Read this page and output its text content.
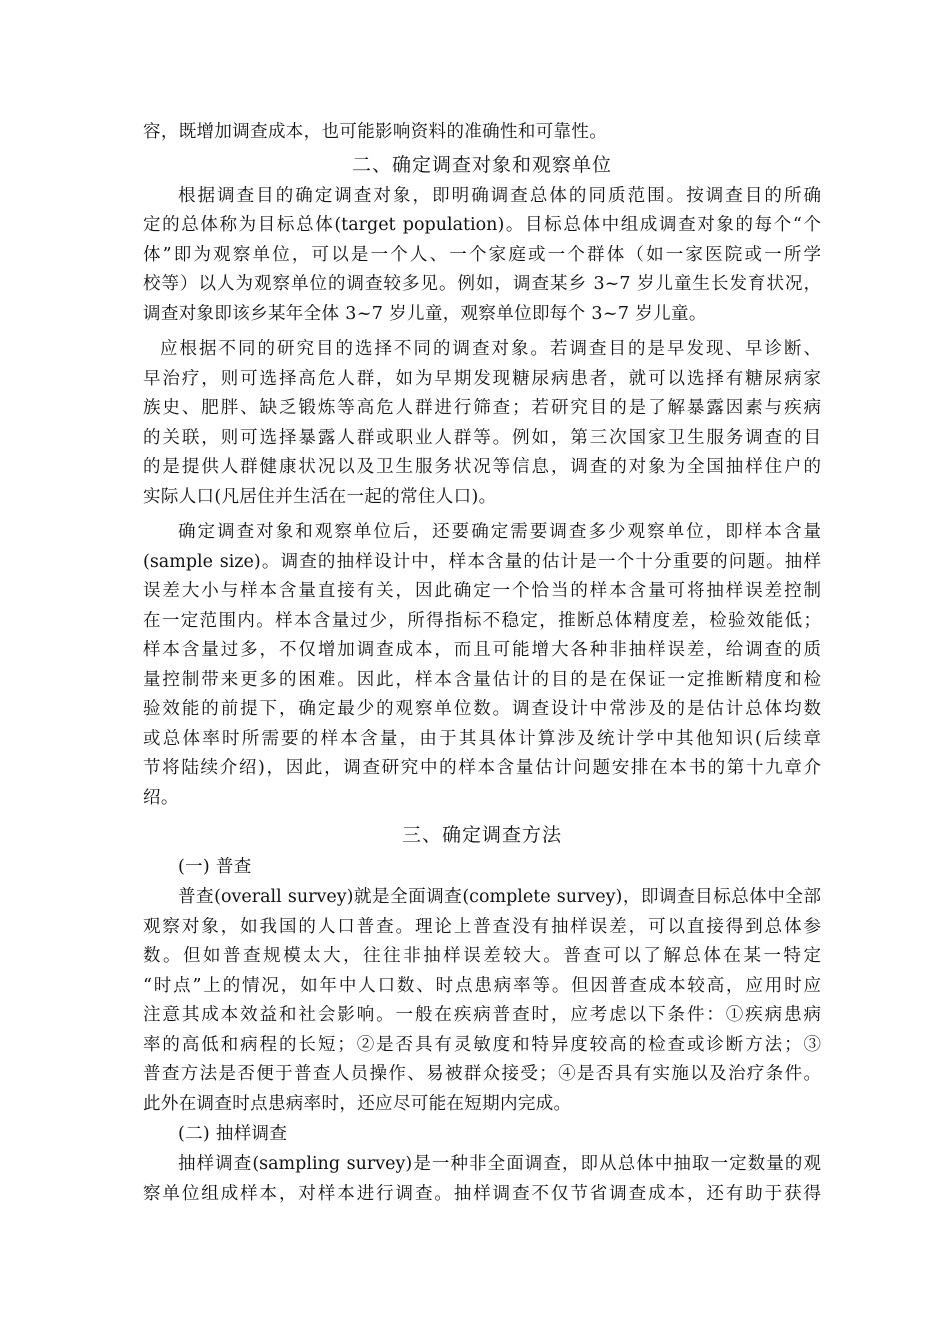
容，既增加调查成本，也可能影响资料的准确性和可靠性。
二、确定调查对象和观察单位
根据调查目的确定调查对象，即明确调查总体的同质范围。按调查目的所确
定的总体称为目标总体(target population)。目标总体中组成调查对象的每个“个
体”即为观察单位，可以是一个人、一个家庭或一个群体（如一家医院或一所学
校等）以人为观察单位的调查较多见。例如，调查某乡 3~7 岁儿童生长发育状况，
调查对象即该乡某年全体 3~7 岁儿童，观察单位即每个 3~7 岁儿童。
应根据不同的研究目的选择不同的调查对象。若调查目的是早发现、早诊断、
早治疗，则可选择高危人群，如为早期发现糖尿病患者，就可以选择有糖尿病家
族史、肥胖、缺乏锻炼等高危人群进行筛查；若研究目的是了解暴露因素与疾病
的关联，则可选择暴露人群或职业人群等。例如，第三次国家卫生服务调查的目
的是提供人群健康状况以及卫生服务状况等信息，调查的对象为全国抽样住户的
实际人口(凡居住并生活在一起的常住人口)。
确定调查对象和观察单位后，还要确定需要调查多少观察单位，即样本含量
(sample size)。调查的抽样设计中，样本含量的估计是一个十分重要的问题。抽样
误差大小与样本含量直接有关，因此确定一个恰当的样本含量可将抽样误差控制
在一定范围内。样本含量过少，所得指标不稳定，推断总体精度差，检验效能低；
样本含量过多，不仅增加调查成本，而且可能增大各种非抽样误差，给调查的质
量控制带来更多的困难。因此，样本含量估计的目的是在保证一定推断精度和检
验效能的前提下，确定最少的观察单位数。调查设计中常涉及的是估计总体均数
或总体率时所需要的样本含量，由于其具体计算涉及统计学中其他知识(后续章
节将陆续介绍)，因此，调查研究中的样本含量估计问题安排在本书的第十九章介
绍。
三、确定调查方法
(一) 普查
普查(overall survey)就是全面调查(complete survey)，即调查目标总体中全部
观察对象，如我国的人口普查。理论上普查没有抽样误差，可以直接得到总体参
数。但如普查规模太大，往往非抽样误差较大。普查可以了解总体在某一特定
“时点”上的情况，如年中人口数、时点患病率等。但因普查成本较高，应用时应
注意其成本效益和社会影响。一般在疾病普查时，应考虑以下条件：①疾病患病
率的高低和病程的长短；②是否具有灵敏度和特异度较高的检查或诊断方法；③
普查方法是否便于普查人员操作、易被群众接受；④是否具有实施以及治疗条件。
此外在调查时点患病率时，还应尽可能在短期内完成。
(二) 抽样调查
抽样调查(sampling survey)是一种非全面调查，即从总体中抽取一定数量的观
察单位组成样本，对样本进行调查。抽样调查不仅节省调查成本，还有助于获得
